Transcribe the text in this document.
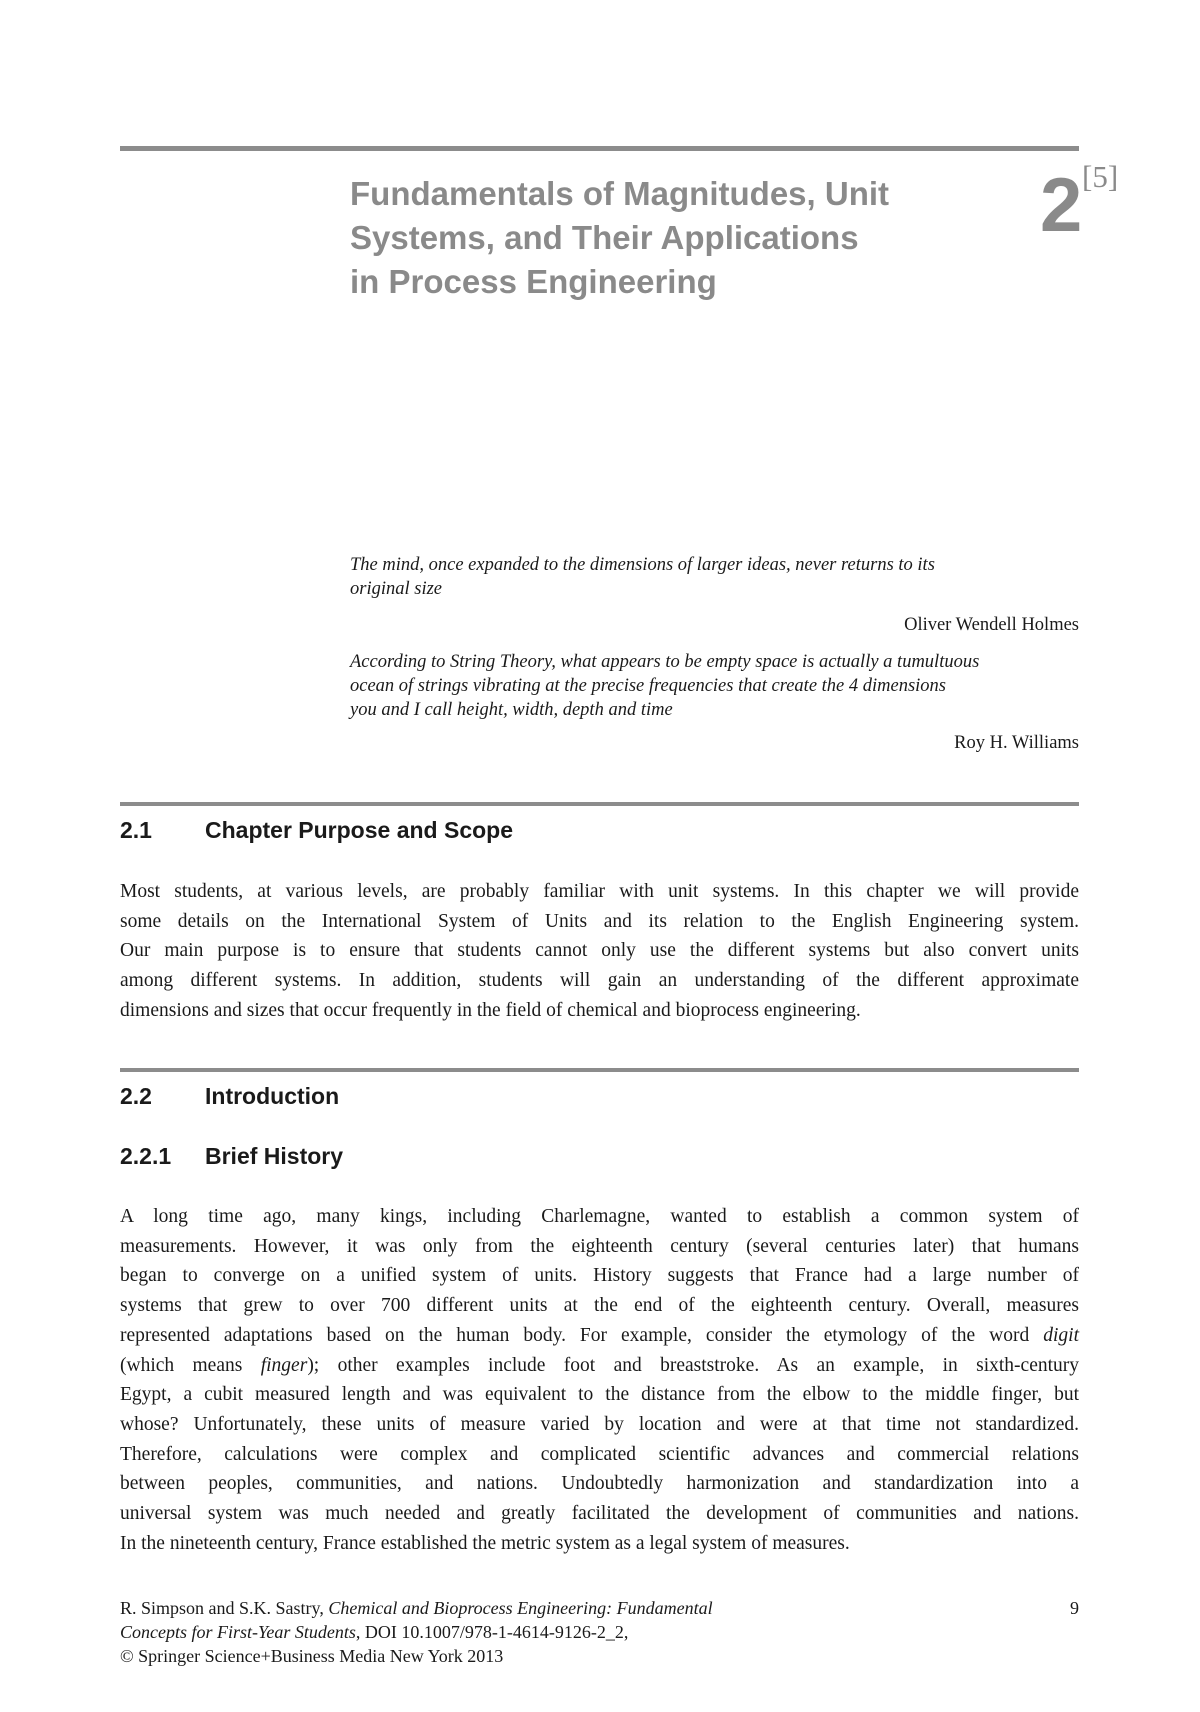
Fundamentals of Magnitudes, Unit
Systems, and Their Applications
in Process Engineering
2 [5]

The mind, once expanded to the dimensions of larger ideas, never returns to its
original size

Oliver Wendell Holmes

According to String Theory, what appears to be empty space is actually a tumultuous
ocean of strings vibrating at the precise frequencies that create the 4 dimensions
you and I call height, width, depth and time

Roy H. Williams

2.1 Chapter Purpose and Scope
Most students, at various levels, are probably familiar with unit systems. In this chapter we will provide
some details on the International System of Units and its relation to the English Engineering system.
Our main purpose is to ensure that students cannot only use the different systems but also convert units
among different systems. In addition, students will gain an understanding of the different approximate
dimensions and sizes that occur frequently in the field of chemical and bioprocess engineering.
2.2 Introduction
2.2.1 Brief History
A long time ago, many kings, including Charlemagne, wanted to establish a common system of
measurements. However, it was only from the eighteenth century (several centuries later) that humans
began to converge on a unified system of units. History suggests that France had a large number of
systems that grew to over 700 different units at the end of the eighteenth century. Overall, measures
represented adaptations based on the human body. For example, consider the etymology of the word digit
(which means finger); other examples include foot and breaststroke. As an example, in sixth-century
Egypt, a cubit measured length and was equivalent to the distance from the elbow to the middle finger, but
whose? Unfortunately, these units of measure varied by location and were at that time not standardized.
Therefore, calculations were complex and complicated scientific advances and commercial relations
between peoples, communities, and nations. Undoubtedly harmonization and standardization into a
universal system was much needed and greatly facilitated the development of communities and nations.
In the nineteenth century, France established the metric system as a legal system of measures.
R. Simpson and S.K. Sastry, Chemical and Bioprocess Engineering: Fundamental
Concepts for First-Year Students, DOI 10.1007/978-1-4614-9126-2_2,
© Springer Science+Business Media New York 2013

9
